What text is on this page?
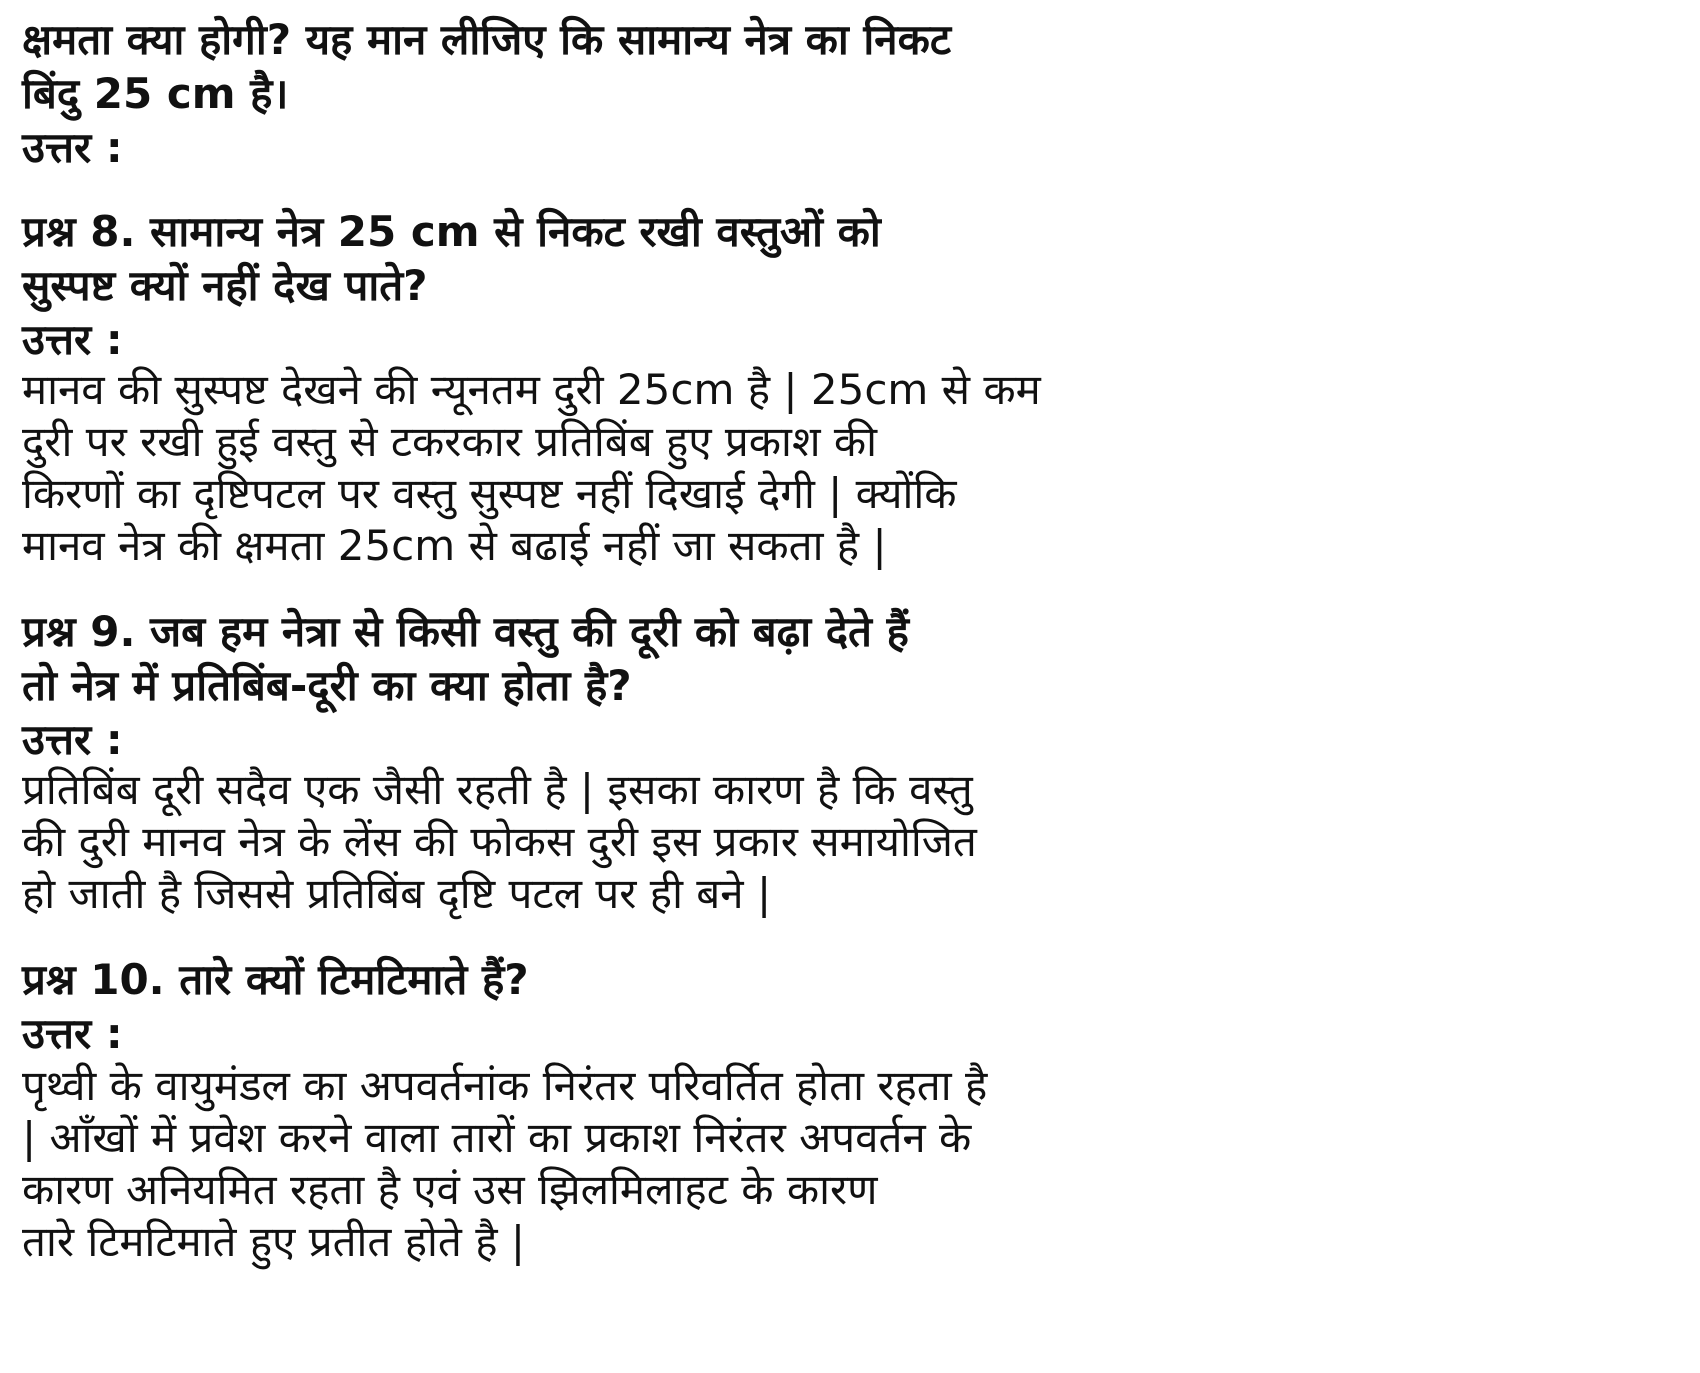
क्षमता क्या होगी? यह मान लीजिए कि सामान्य नेत्र का निकट
बिंदु 25 cm है।
उत्तर :
प्रश्न 8. सामान्य नेत्र 25 cm से निकट रखी वस्तुओं को
सुस्पष्ट क्यों नहीं देख पाते?
उत्तर :
मानव की सुस्पष्ट देखने की न्यूनतम दुरी 25cm है | 25cm से कम
दुरी पर रखी हुई वस्तु से टकरकार प्रतिबिंब हुए प्रकाश की
किरणों का दृष्टिपटल पर वस्तु सुस्पष्ट नहीं दिखाई देगी | क्योंकि
मानव नेत्र की क्षमता 25cm से बढाई नहीं जा सकता है |
प्रश्न 9. जब हम नेत्रा से किसी वस्तु की दूरी को बढ़ा देते हैं
तो नेत्र में प्रतिबिंब-दूरी का क्या होता है?
उत्तर :
प्रतिबिंब दूरी सदैव एक जैसी रहती है | इसका कारण है कि वस्तु
की दुरी मानव नेत्र के लेंस की फोकस दुरी इस प्रकार समायोजित
हो जाती है जिससे प्रतिबिंब दृष्टि पटल पर ही बने |
प्रश्न 10. तारे क्यों टिमटिमाते हैं?
उत्तर :
पृथ्वी के वायुमंडल का अपवर्तनांक निरंतर परिवर्तित होता रहता है
| आँखों में प्रवेश करने वाला तारों का प्रकाश निरंतर अपवर्तन के
कारण अनियमित रहता है एवं उस झिलमिलाहट के कारण
तारे टिमटिमाते हुए प्रतीत होते है |
